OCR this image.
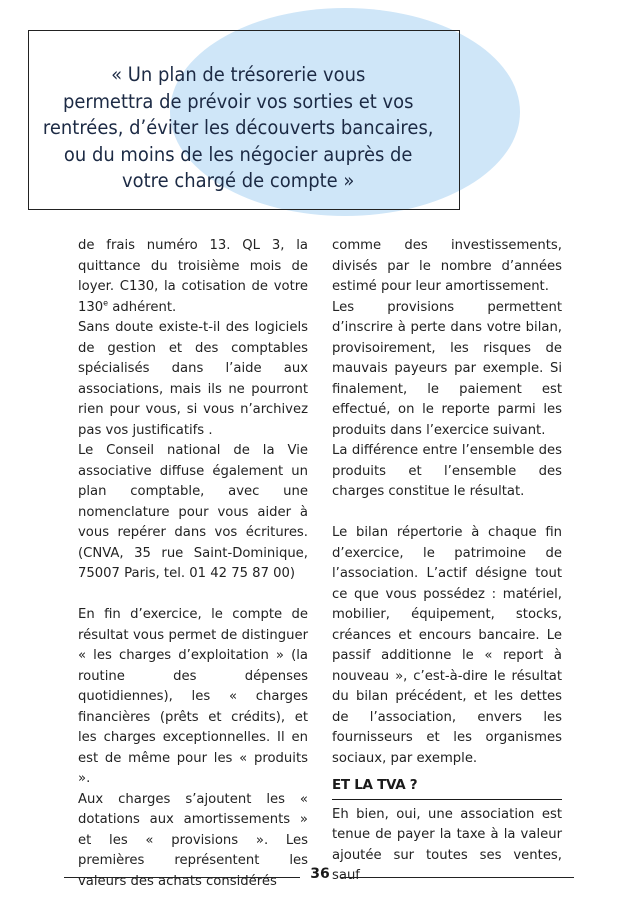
« Un plan de trésorerie vous
permettra de prévoir vos sorties et vos
rentrées, d’éviter les découverts bancaires,
ou du moins de les négocier auprès de
votre chargé de compte »

de frais numéro 13. QL 3, la quittance du troisième mois de loyer. C130, la cotisation de votre 130e adhérent.

Sans doute existe-t-il des logiciels de gestion et des comptables spécialisés dans l’aide aux associations, mais ils ne pourront rien pour vous, si vous n’archivez pas vos justificatifs .

Le Conseil national de la Vie associative diffuse également un plan comptable, avec une nomenclature pour vous aider à vous repérer dans vos écritures. (CNVA, 35 rue Saint-Dominique, 75007 Paris, tel. 01 42 75 87 00)

En fin d’exercice, le compte de résultat vous permet de distinguer « les charges d’exploitation » (la routine des dépenses quotidiennes), les « charges financières (prêts et crédits), et les charges exceptionnelles. Il en est de même pour les « produits ».

Aux charges s’ajoutent les « dotations aux amortissements » et les « provisions ». Les premières représentent les valeurs des achats considérés

comme des investissements, divisés par le nombre d’années estimé pour leur amortissement.

Les provisions permettent d’inscrire à perte dans votre bilan, provisoirement, les risques de mauvais payeurs par exemple. Si finalement, le paiement est effectué, on le reporte parmi les produits dans l’exercice suivant.

La différence entre l’ensemble des produits et l’ensemble des charges constitue le résultat.

Le bilan répertorie à chaque fin d’exercice, le patrimoine de l’association. L’actif désigne tout ce que vous possédez : matériel, mobilier, équipement, stocks, créances et encours bancaire. Le passif additionne le « report à nouveau », c’est-à-dire le résultat du bilan précédent, et les dettes de l’association, envers les fournisseurs et les organismes sociaux, par exemple.

ET LA TVA ?

Eh bien, oui, une association est tenue de payer la taxe à la valeur ajoutée sur toutes ses ventes, sauf

36
